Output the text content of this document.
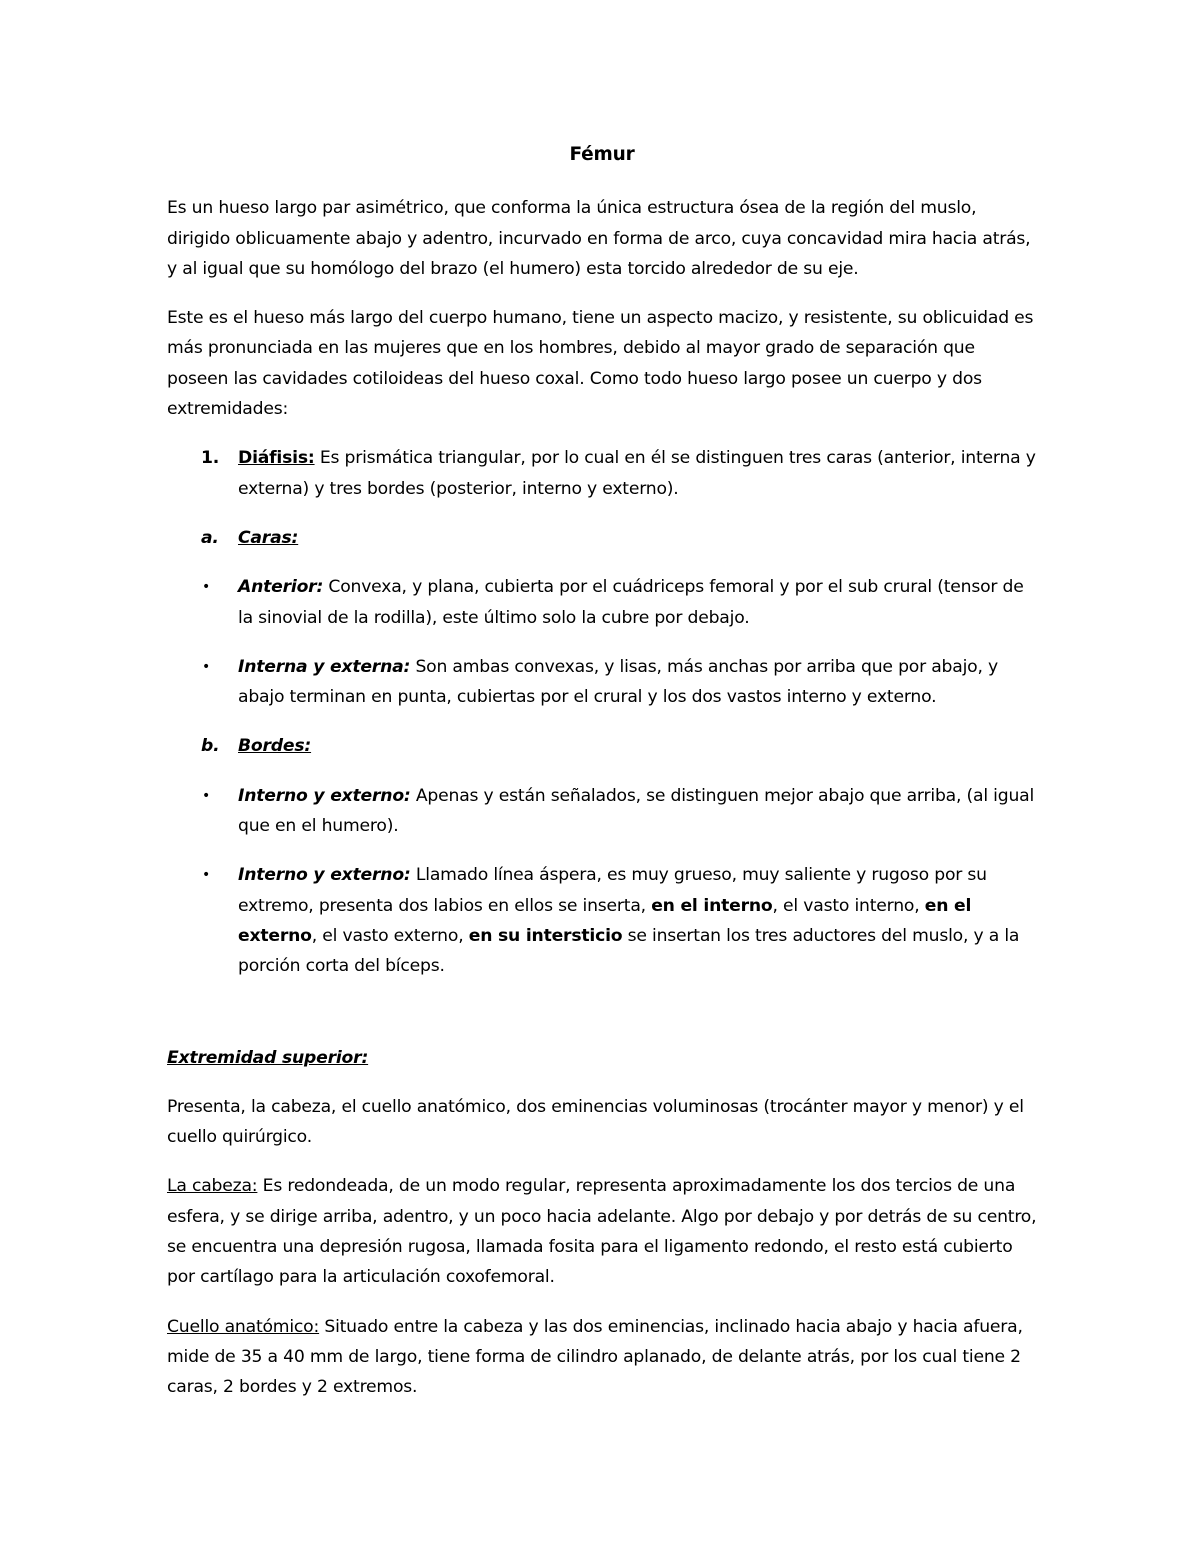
Fémur

Es un hueso largo par asimétrico, que conforma la única estructura ósea de la región del muslo, dirigido oblicuamente abajo y adentro, incurvado en forma de arco, cuya concavidad mira hacia atrás, y al igual que su homólogo del brazo (el humero) esta torcido alrededor de su eje.

Este es el hueso más largo del cuerpo humano, tiene un aspecto macizo, y resistente, su oblicuidad es más pronunciada en las mujeres que en los hombres, debido al mayor grado de separación que poseen las cavidades cotiloideas del hueso coxal. Como todo hueso largo posee un cuerpo y dos extremidades:

1. Diáfisis: Es prismática triangular, por lo cual en él se distinguen tres caras (anterior, interna y externa) y tres bordes (posterior, interno y externo).
a. Caras:
• Anterior: Convexa, y plana, cubierta por el cuádriceps femoral y por el sub crural (tensor de la sinovial de la rodilla), este último solo la cubre por debajo.
• Interna y externa: Son ambas convexas, y lisas, más anchas por arriba que por abajo, y abajo terminan en punta, cubiertas por el crural y los dos vastos interno y externo.
b. Bordes:
• Interno y externo: Apenas y están señalados, se distinguen mejor abajo que arriba, (al igual que en el humero).
• Interno y externo: Llamado línea áspera, es muy grueso, muy saliente y rugoso por su extremo, presenta dos labios en ellos se inserta, en el interno, el vasto interno, en el externo, el vasto externo, en su intersticio se insertan los tres aductores del muslo, y a la porción corta del bíceps.

Extremidad superior:

Presenta, la cabeza, el cuello anatómico, dos eminencias voluminosas (trocánter mayor y menor) y el cuello quirúrgico.

La cabeza: Es redondeada, de un modo regular, representa aproximadamente los dos tercios de una esfera, y se dirige arriba, adentro, y un poco hacia adelante. Algo por debajo y por detrás de su centro, se encuentra una depresión rugosa, llamada fosita para el ligamento redondo, el resto está cubierto por cartílago para la articulación coxofemoral.

Cuello anatómico: Situado entre la cabeza y las dos eminencias, inclinado hacia abajo y hacia afuera, mide de 35 a 40 mm de largo, tiene forma de cilindro aplanado, de delante atrás, por los cual tiene 2 caras, 2 bordes y 2 extremos.
